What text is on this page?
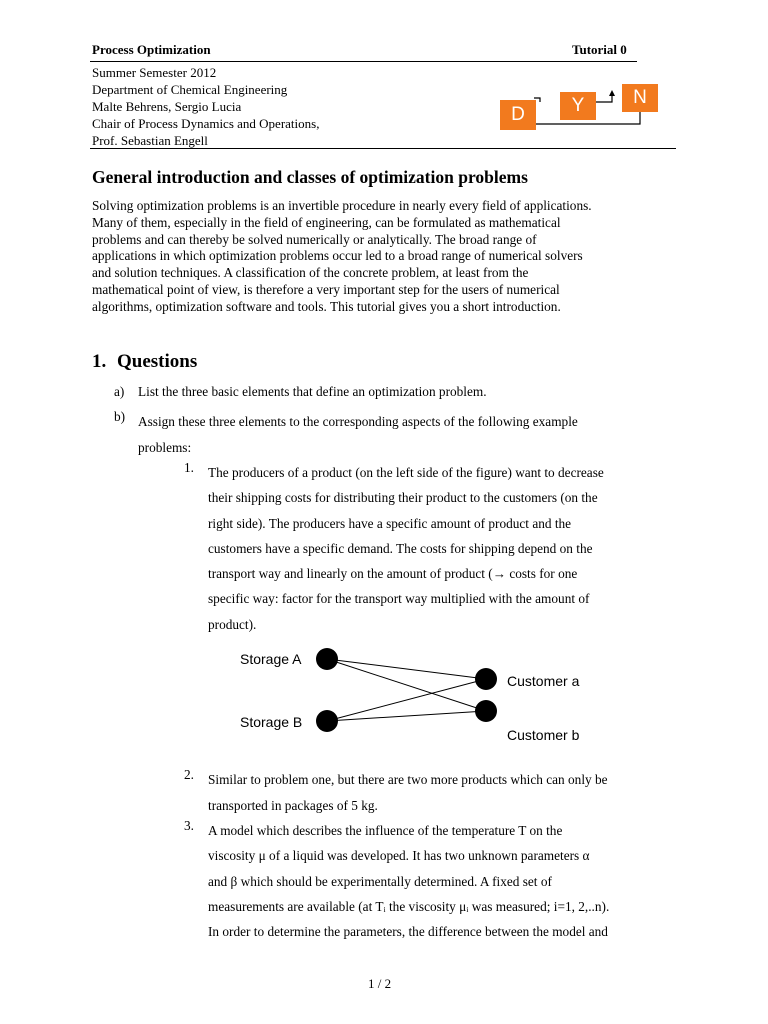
Process Optimization	Tutorial 0
Summer Semester 2012
Department of Chemical Engineering
Malte Behrens, Sergio Lucia
Chair of Process Dynamics and Operations,
Prof. Sebastian Engell
D	Y	N
General introduction and classes of optimization problems
Solving optimization problems is an invertible procedure in nearly every field of applications.
Many of them, especially in the field of engineering, can be formulated as mathematical
problems and can thereby be solved numerically or analytically. The broad range of
applications in which optimization problems occur led to a broad range of numerical solvers
and solution techniques. A classification of the concrete problem, at least from the
mathematical point of view, is therefore a very important step for the users of numerical
algorithms, optimization software and tools. This tutorial gives you a short introduction.
1. Questions
a) List the three basic elements that define an optimization problem.
b) Assign these three elements to the corresponding aspects of the following example
problems:
1. The producers of a product (on the left side of the figure) want to decrease
their shipping costs for distributing their product to the customers (on the
right side). The producers have a specific amount of product and the
customers have a specific demand. The costs for shipping depend on the
transport way and linearly on the amount of product (→ costs for one
specific way: factor for the transport way multiplied with the amount of
product).
Storage A
Storage B
Customer a
Customer b
2. Similar to problem one, but there are two more products which can only be
transported in packages of 5 kg.
3. A model which describes the influence of the temperature T on the
viscosity μ of a liquid was developed. It has two unknown parameters α
and β which should be experimentally determined. A fixed set of
measurements are available (at Tᵢ the viscosity μᵢ was measured; i=1, 2,..n).
In order to determine the parameters, the difference between the model and
1 / 2
